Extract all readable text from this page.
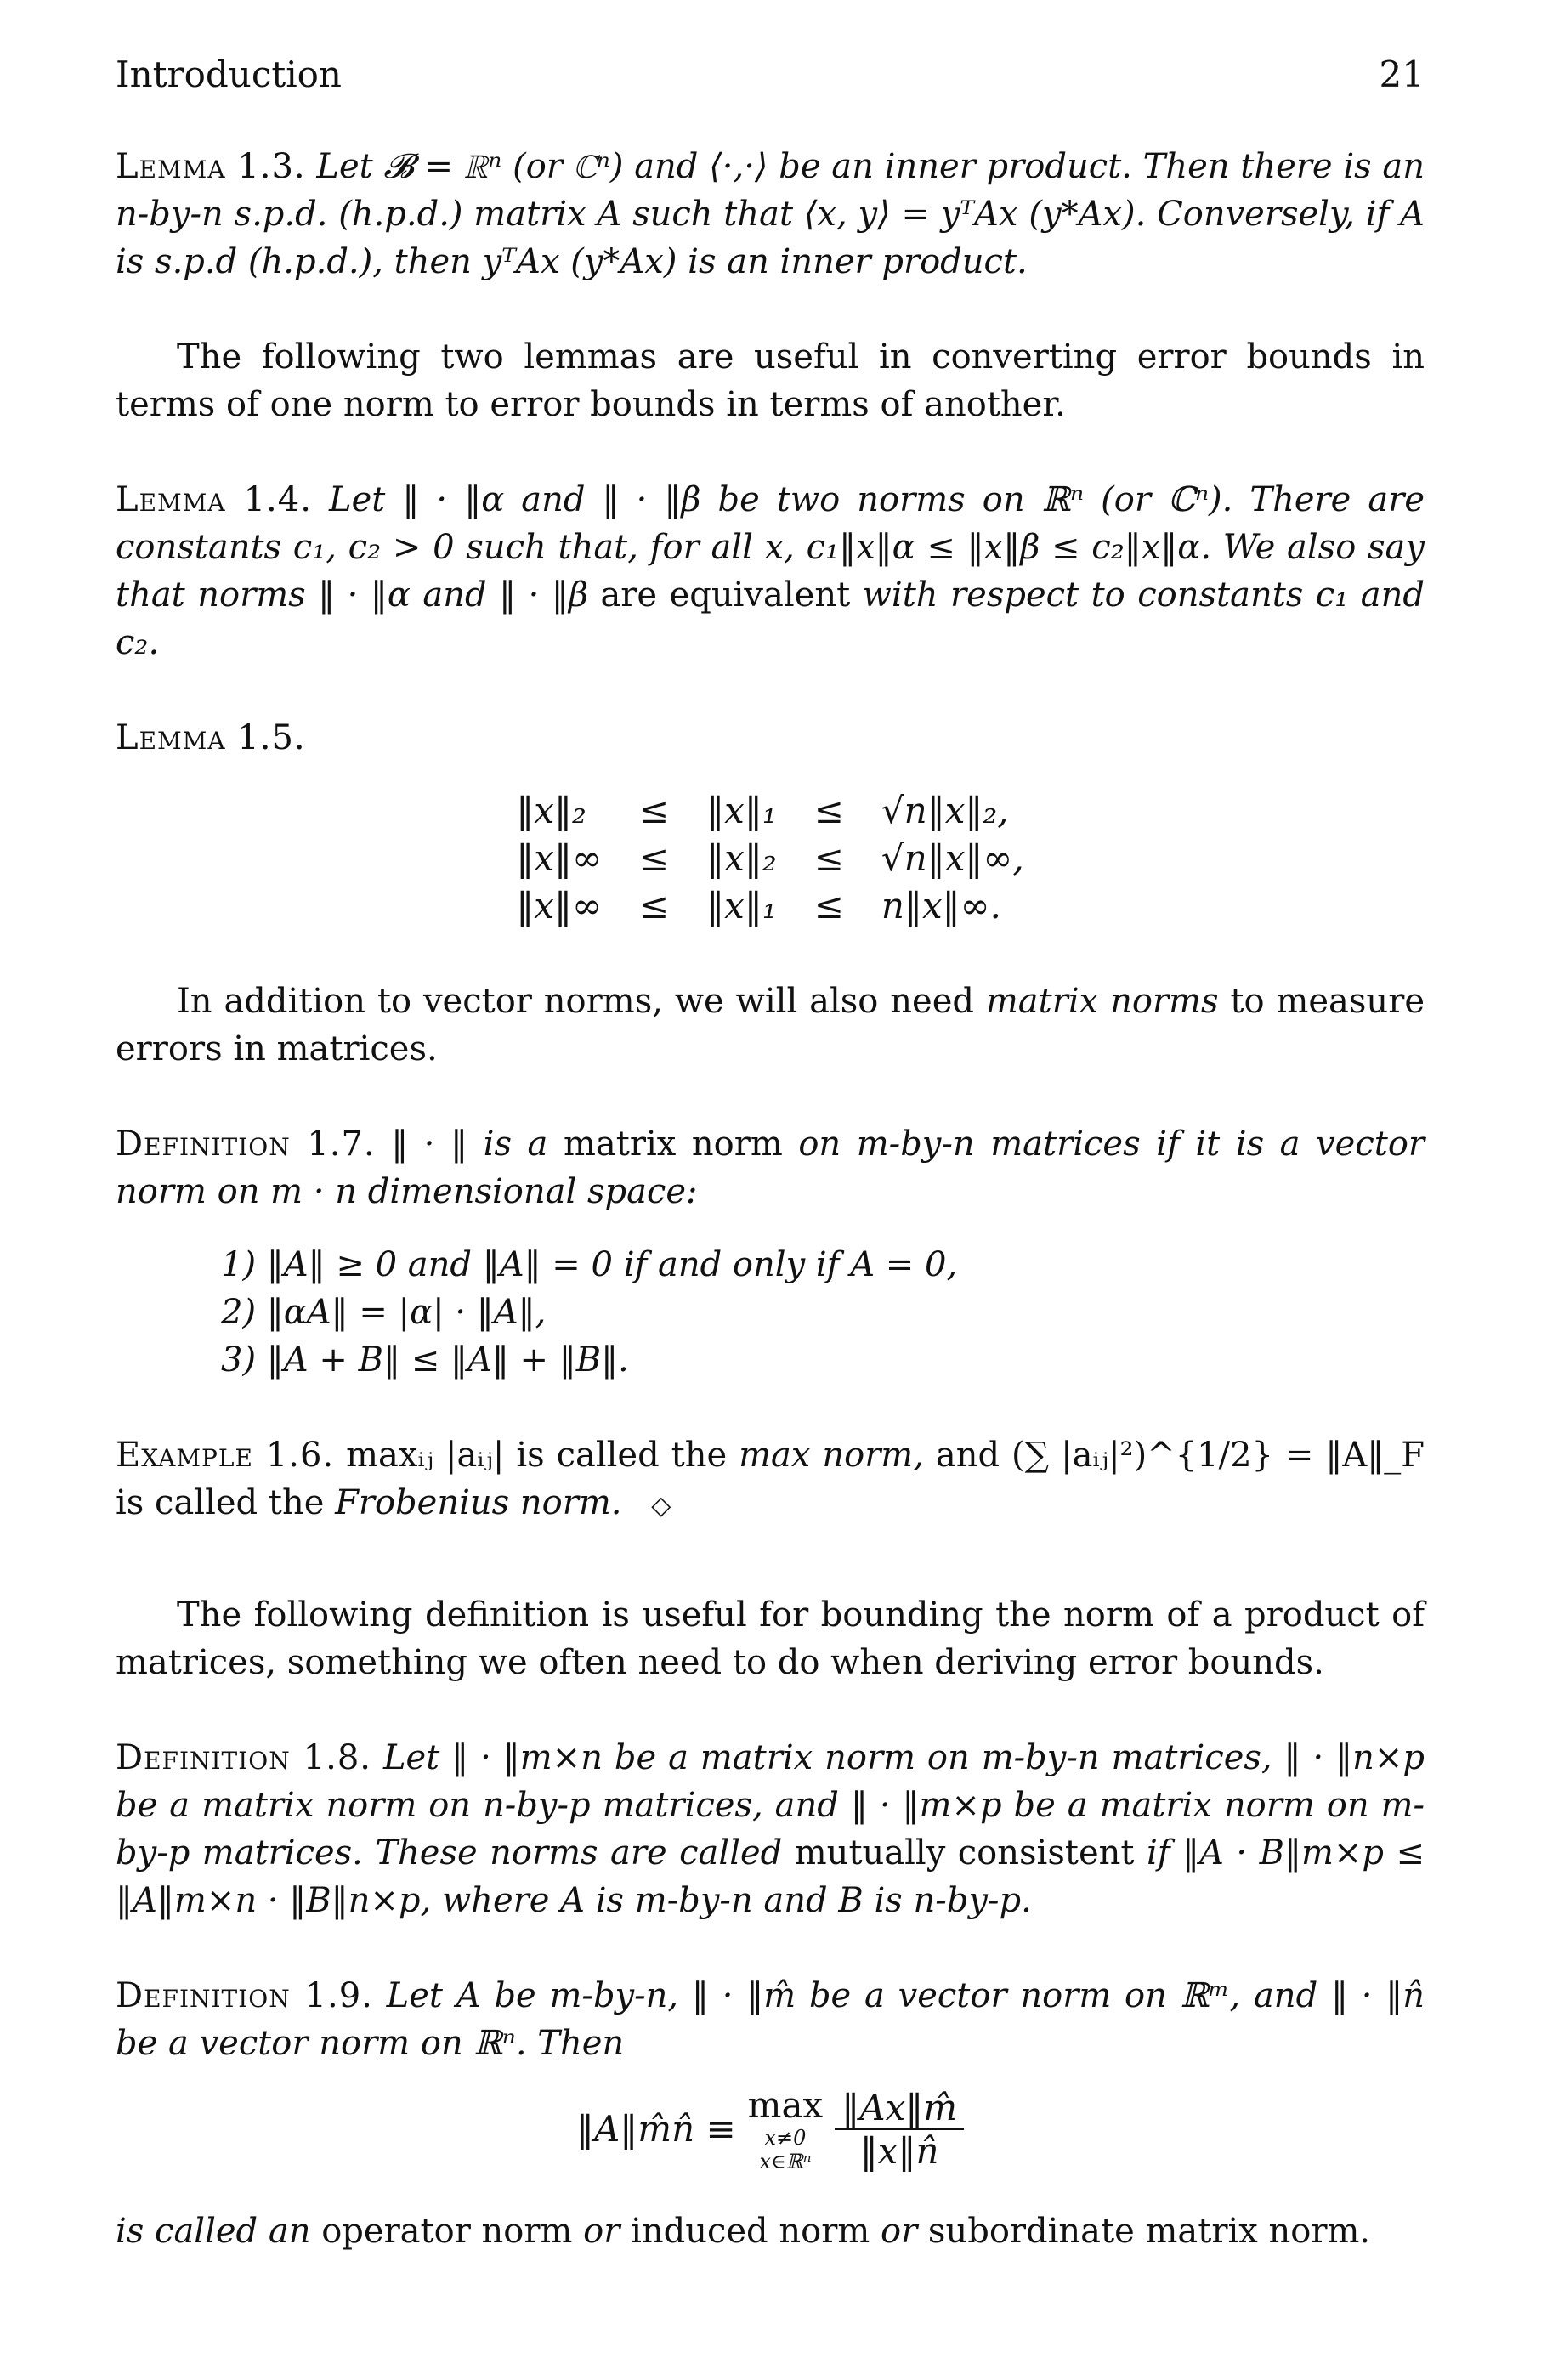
Introduction	21

Lemma 1.3. Let 𝓑 = ℝⁿ (or ℂⁿ) and ⟨·,·⟩ be an inner product. Then there is an n-by-n s.p.d. (h.p.d.) matrix A such that ⟨x, y⟩ = yᵀAx (y*Ax). Conversely, if A is s.p.d (h.p.d.), then yᵀAx (y*Ax) is an inner product.

The following two lemmas are useful in converting error bounds in terms of one norm to error bounds in terms of another.

Lemma 1.4. Let ‖ · ‖α and ‖ · ‖β be two norms on ℝⁿ (or ℂⁿ). There are constants c₁, c₂ > 0 such that, for all x, c₁‖x‖α ≤ ‖x‖β ≤ c₂‖x‖α. We also say that norms ‖ · ‖α and ‖ · ‖β are equivalent with respect to constants c₁ and c₂.

Lemma 1.5.

‖x‖₂	≤	‖x‖₁	≤	√n‖x‖₂,
‖x‖∞	≤	‖x‖₂	≤	√n‖x‖∞,
‖x‖∞	≤	‖x‖₁	≤	n‖x‖∞.

In addition to vector norms, we will also need matrix norms to measure errors in matrices.

Definition 1.7. ‖ · ‖ is a matrix norm on m-by-n matrices if it is a vector norm on m · n dimensional space:

1) ‖A‖ ≥ 0 and ‖A‖ = 0 if and only if A = 0,
2) ‖αA‖ = |α| · ‖A‖,
3) ‖A + B‖ ≤ ‖A‖ + ‖B‖.

Example 1.6. maxᵢⱼ |aᵢⱼ| is called the max norm, and (∑ |aᵢⱼ|²)^{1/2} = ‖A‖_F is called the Frobenius norm. ◇

The following definition is useful for bounding the norm of a product of matrices, something we often need to do when deriving error bounds.

Definition 1.8. Let ‖ · ‖m×n be a matrix norm on m-by-n matrices, ‖ · ‖n×p be a matrix norm on n-by-p matrices, and ‖ · ‖m×p be a matrix norm on m-by-p matrices. These norms are called mutually consistent if ‖A · B‖m×p ≤ ‖A‖m×n · ‖B‖n×p, where A is m-by-n and B is n-by-p.

Definition 1.9. Let A be m-by-n, ‖ · ‖m̂ be a vector norm on ℝᵐ, and ‖ · ‖n̂ be a vector norm on ℝⁿ. Then

‖A‖m̂n̂ ≡
max
x≠0
x∈ℝⁿ $\frac{‖Ax‖m̂}{‖x‖n̂}$

is called an operator norm or induced norm or subordinate matrix norm.
